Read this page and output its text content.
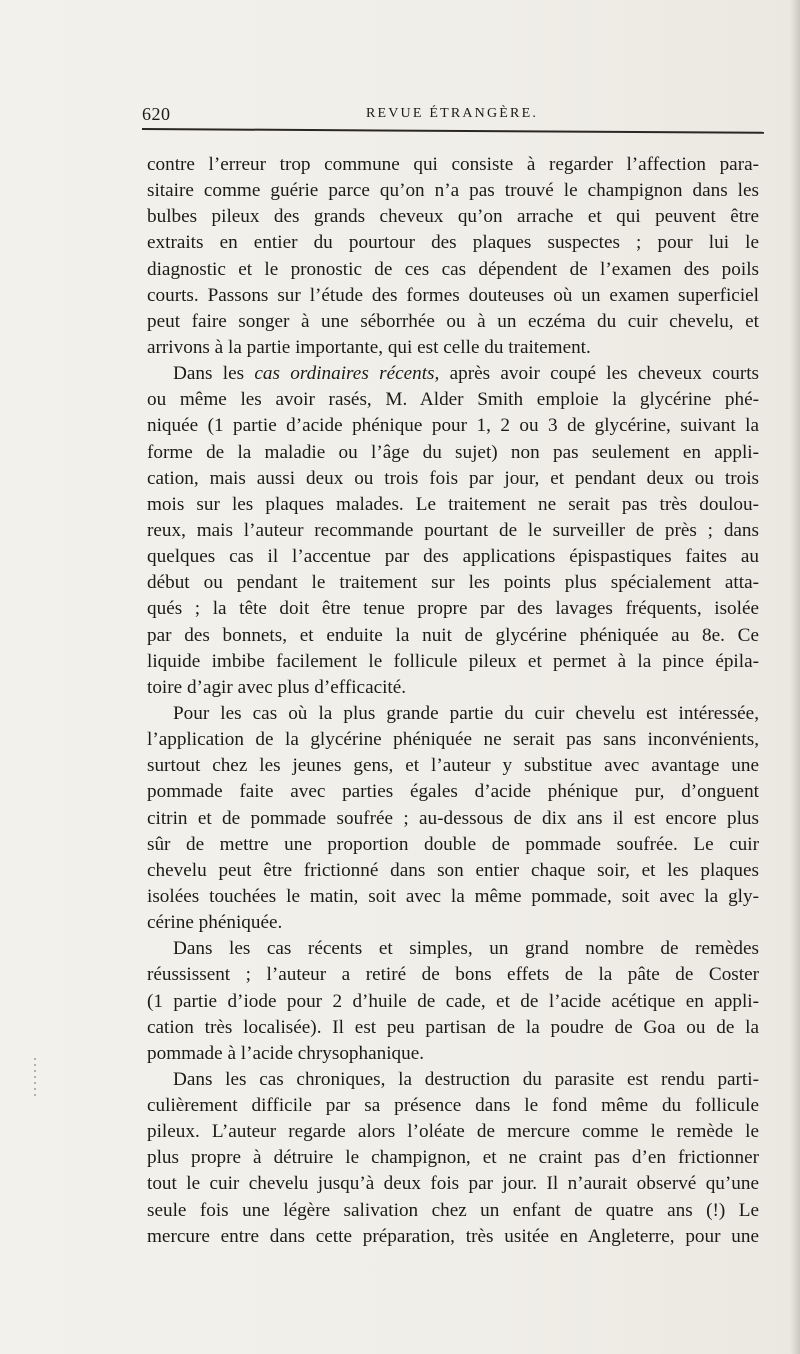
620	REVUE ÉTRANGÈRE.
contre l’erreur trop commune qui consiste à regarder l’affection para-
sitaire comme guérie parce qu’on n’a pas trouvé le champignon dans les
bulbes pileux des grands cheveux qu’on arrache et qui peuvent être
extraits en entier du pourtour des plaques suspectes ; pour lui le
diagnostic et le pronostic de ces cas dépendent de l’examen des poils
courts. Passons sur l’étude des formes douteuses où un examen superficiel
peut faire songer à une séborrhée ou à un eczéma du cuir chevelu, et
arrivons à la partie importante, qui est celle du traitement.
Dans les cas ordinaires récents, après avoir coupé les cheveux courts
ou même les avoir rasés, M. Alder Smith emploie la glycérine phé-
niquée (1 partie d’acide phénique pour 1, 2 ou 3 de glycérine, suivant la
forme de la maladie ou l’âge du sujet) non pas seulement en appli-
cation, mais aussi deux ou trois fois par jour, et pendant deux ou trois
mois sur les plaques malades. Le traitement ne serait pas très doulou-
reux, mais l’auteur recommande pourtant de le surveiller de près ; dans
quelques cas il l’accentue par des applications épispastiques faites au
début ou pendant le traitement sur les points plus spécialement atta-
qués ; la tête doit être tenue propre par des lavages fréquents, isolée
par des bonnets, et enduite la nuit de glycérine phéniquée au 8e. Ce
liquide imbibe facilement le follicule pileux et permet à la pince épila-
toire d’agir avec plus d’efficacité.
Pour les cas où la plus grande partie du cuir chevelu est intéressée,
l’application de la glycérine phéniquée ne serait pas sans inconvénients,
surtout chez les jeunes gens, et l’auteur y substitue avec avantage une
pommade faite avec parties égales d’acide phénique pur, d’onguent
citrin et de pommade soufrée ; au-dessous de dix ans il est encore plus
sûr de mettre une proportion double de pommade soufrée. Le cuir
chevelu peut être frictionné dans son entier chaque soir, et les plaques
isolées touchées le matin, soit avec la même pommade, soit avec la gly-
cérine phéniquée.
Dans les cas récents et simples, un grand nombre de remèdes
réussissent ; l’auteur a retiré de bons effets de la pâte de Coster
(1 partie d’iode pour 2 d’huile de cade, et de l’acide acétique en appli-
cation très localisée). Il est peu partisan de la poudre de Goa ou de la
pommade à l’acide chrysophanique.
Dans les cas chroniques, la destruction du parasite est rendu parti-
culièrement difficile par sa présence dans le fond même du follicule
pileux. L’auteur regarde alors l’oléate de mercure comme le remède le
plus propre à détruire le champignon, et ne craint pas d’en frictionner
tout le cuir chevelu jusqu’à deux fois par jour. Il n’aurait observé qu’une
seule fois une légère salivation chez un enfant de quatre ans (!) Le
mercure entre dans cette préparation, très usitée en Angleterre, pour une
